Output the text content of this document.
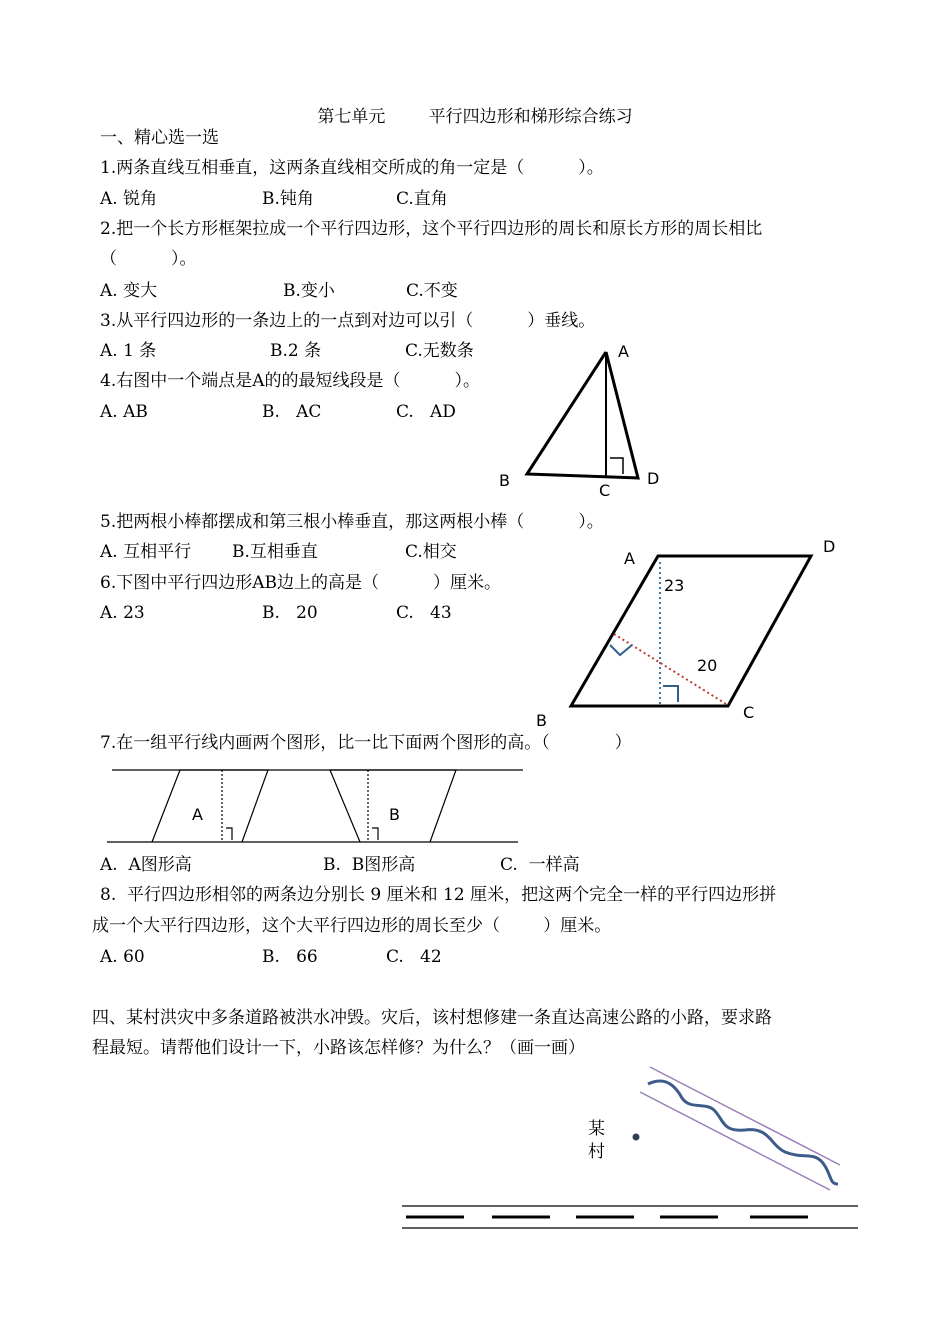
第七单元        平行四边形和梯形综合练习
一、精心选一选
1.两条直线互相垂直，这两条直线相交所成的角一定是（          ）。
A. 锐角	B.钝角	C.直角
2.把一个长方形框架拉成一个平行四边形，这个平行四边形的周长和原长方形的周长相比
（          ）。
A. 变大	B.变小	C.不变
3.从平行四边形的一条边上的一点到对边可以引（          ）垂线。
A. 1 条	B.2 条	C.无数条
4.右图中一个端点是A的的最短线段是（          ）。
A. AB	B.   AC	C.   AD
5.把两根小棒都摆成和第三根小棒垂直，那这两根小棒（          ）。
A. 互相平行 B.互相垂直	C.相交
6.下图中平行四边形AB边上的高是（          ）厘米。
A. 23	B.   20	C.   43
7.在一组平行线内画两个图形，比一比下面两个图形的高。（            ）
A.  A图形高	B.  B图形高	C.  一样高
8.  平行四边形相邻的两条边分别长 9 厘米和 12 厘米，把这两个完全一样的平行四边形拼
成一个大平行四边形，这个大平行四边形的周长至少（        ）厘米。
A. 60	B.   66	C.   42
四、某村洪灾中多条道路被洪水冲毁。灾后，该村想修建一条直达高速公路的小路，要求路
程最短。请帮他们设计一下，小路该怎样修？为什么？（画一画）
A
B
C
D
A
D
B	C
23
20
A	B
某
村
